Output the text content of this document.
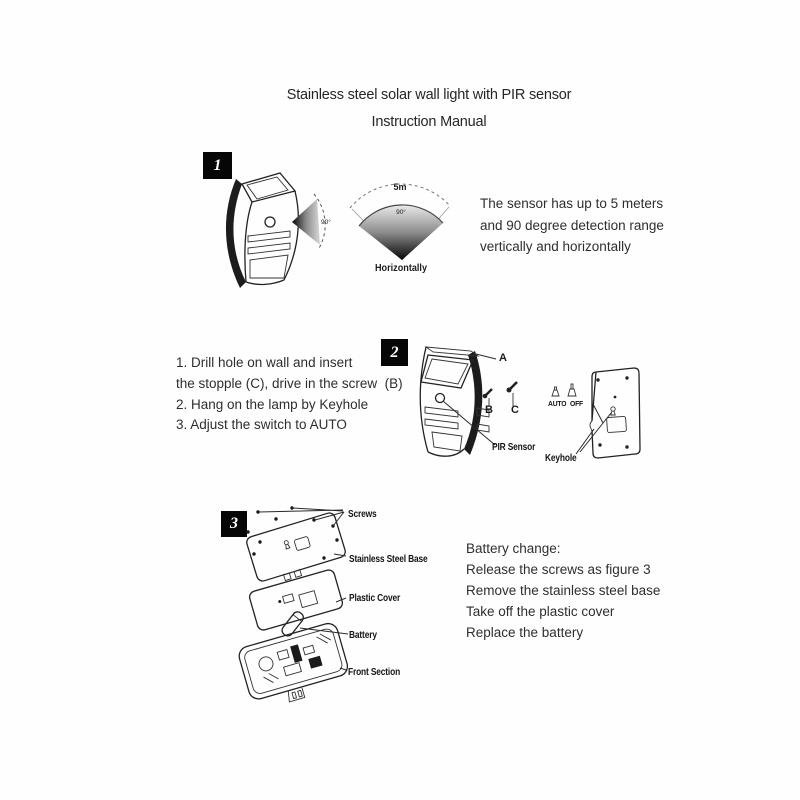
Stainless steel solar wall light with PIR sensor
Instruction Manual
1
90°
5m
90°
Horizontally
The sensor has up to 5 meters
and 90 degree detection range
vertically and horizontally
2
1. Drill hole on wall and insert
the stopple (C), drive in the screw  (B)
2. Hang on the lamp by Keyhole
3. Adjust the switch to AUTO
A
B C
PIR Sensor
AUTO OFF
Keyhole
3
Screws
Stainless Steel Base
Plastic Cover
Battery
Front Section
Battery change:
Release the screws as figure 3
Remove the stainless steel base
Take off the plastic cover
Replace the battery
